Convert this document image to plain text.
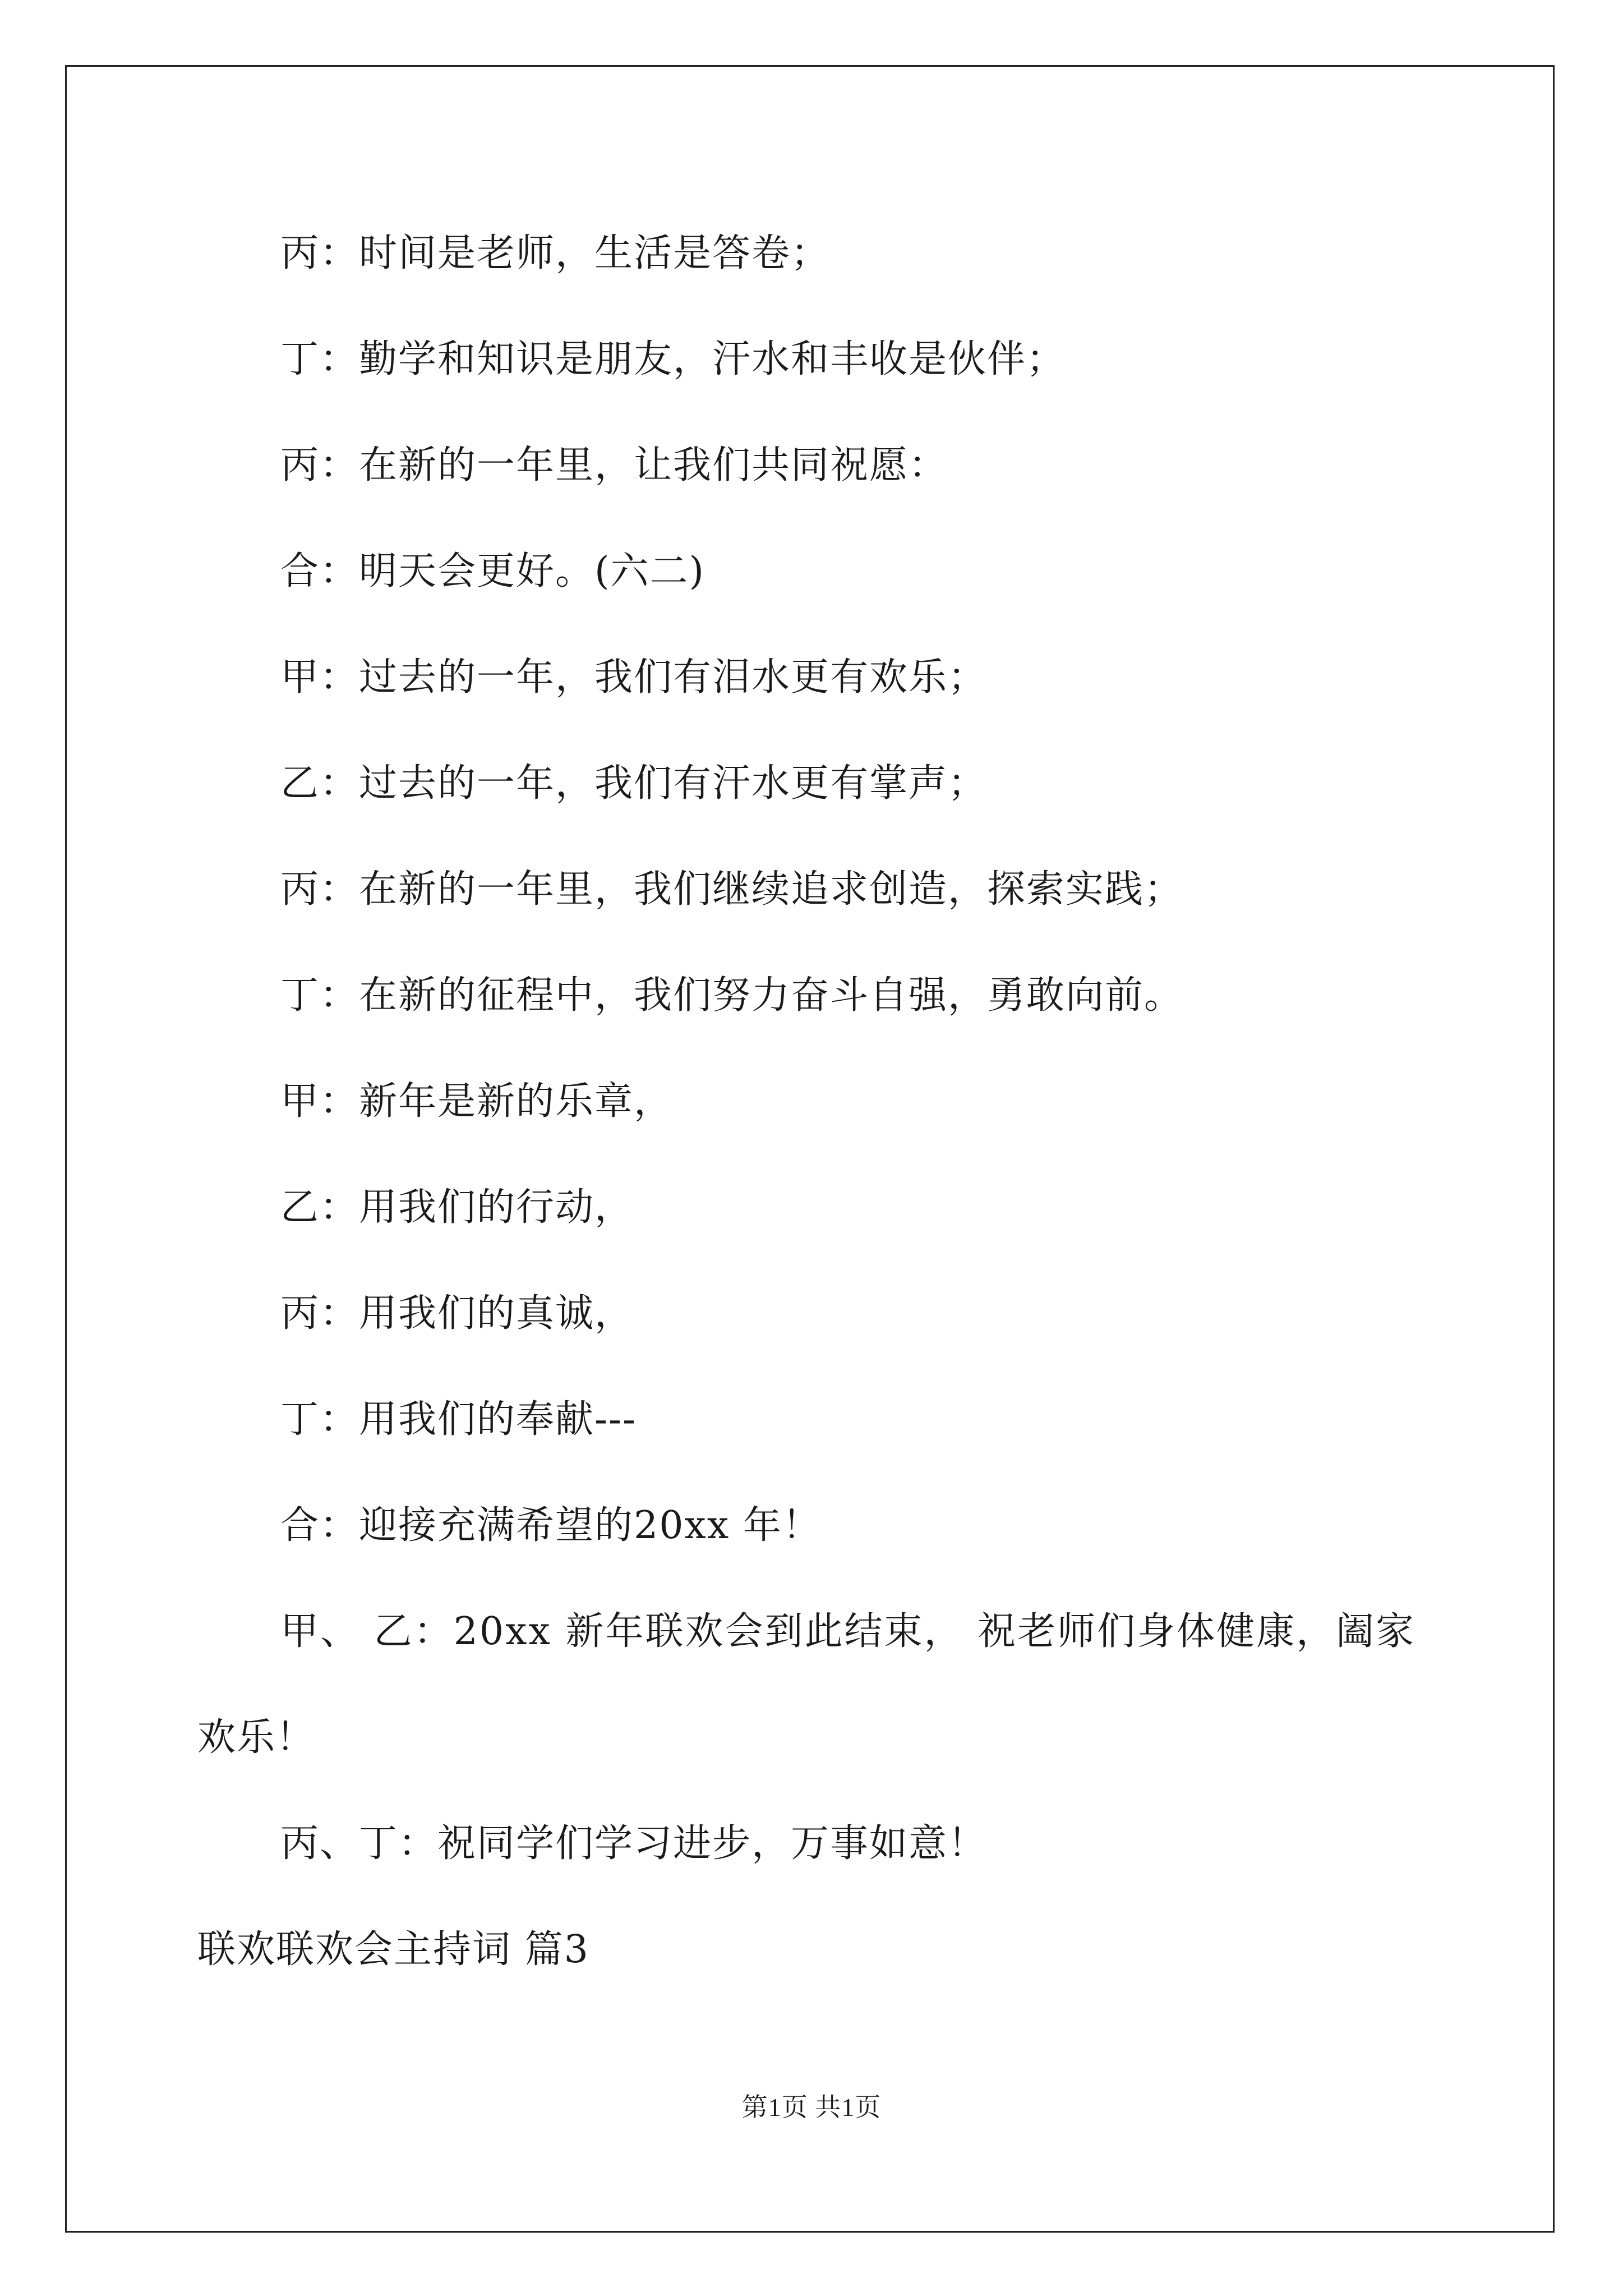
丙：时间是老师，生活是答卷；
丁：勤学和知识是朋友，汗水和丰收是伙伴；
丙：在新的一年里，让我们共同祝愿：
合：明天会更好。(六二)
甲：过去的一年，我们有泪水更有欢乐；
乙：过去的一年，我们有汗水更有掌声；
丙：在新的一年里，我们继续追求创造，探索实践；
丁：在新的征程中，我们努力奋斗自强，勇敢向前。
甲：新年是新的乐章，
乙：用我们的行动，
丙：用我们的真诚，
丁：用我们的奉献---
合：迎接充满希望的20xx 年！
甲、 乙：20xx 新年联欢会到此结束， 祝老师们身体健康，阖家
欢乐！
丙、丁：祝同学们学习进步，万事如意！
联欢联欢会主持词 篇3
第1页 共1页
